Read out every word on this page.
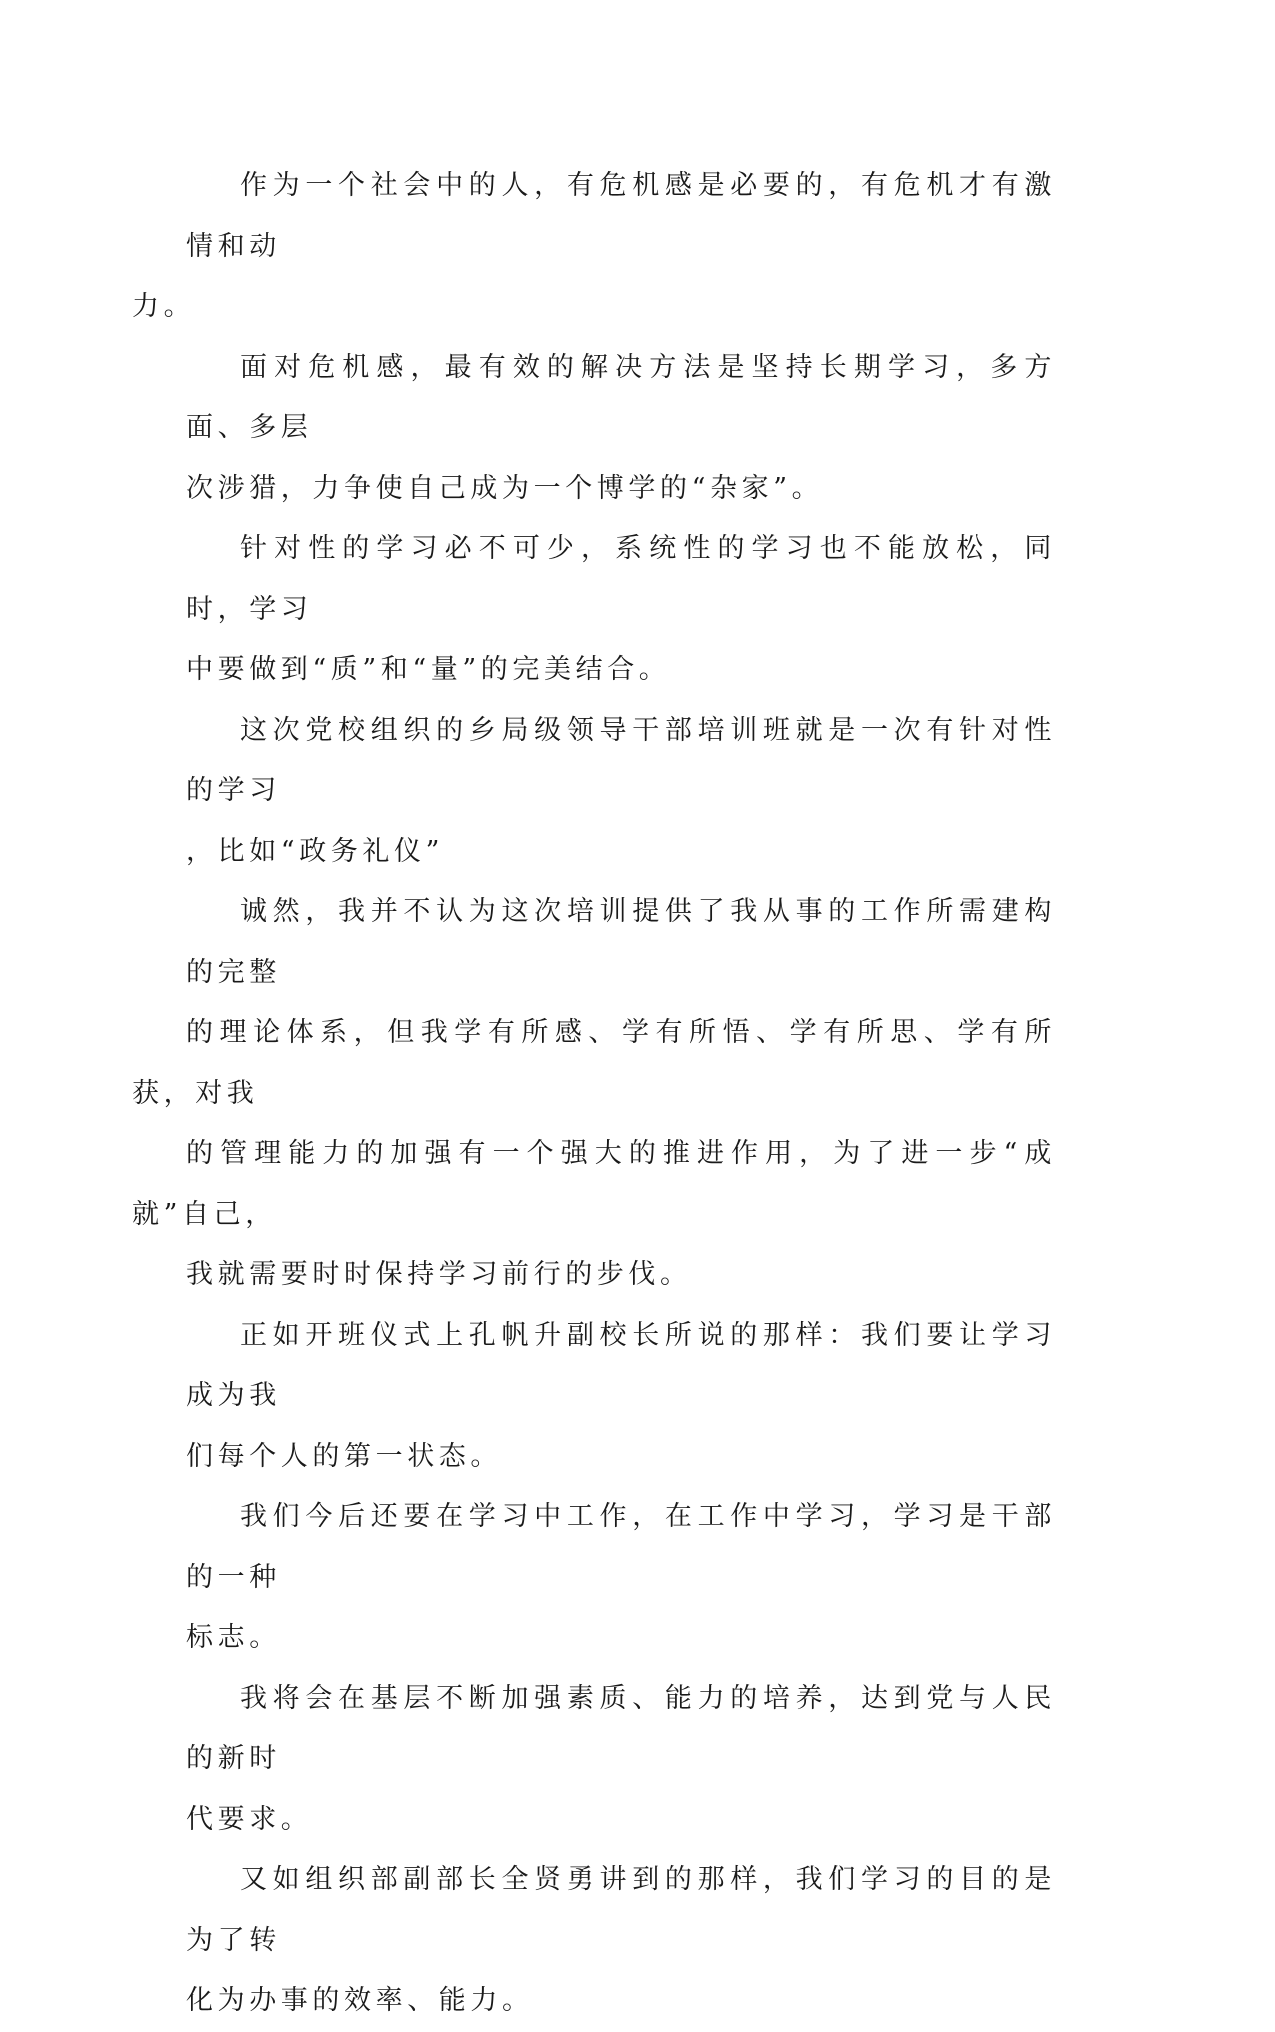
作为一个社会中的人，有危机感是必要的，有危机才有激情和动
力。

面对危机感，最有效的解决方法是坚持长期学习，多方面、多层
次涉猎，力争使自己成为一个博学的“杂家”。

针对性的学习必不可少，系统性的学习也不能放松，同时，学习
中要做到“质”和“量”的完美结合。

这次党校组织的乡局级领导干部培训班就是一次有针对性的学习
，比如“政务礼仪”

诚然，我并不认为这次培训提供了我从事的工作所需建构的完整
的理论体系，但我学有所感、学有所悟、学有所思、学有所获，对我
的管理能力的加强有一个强大的推进作用，为了进一步“成就”自己，
我就需要时时保持学习前行的步伐。

正如开班仪式上孔帆升副校长所说的那样：我们要让学习成为我
们每个人的第一状态。

我们今后还要在学习中工作，在工作中学习，学习是干部的一种
标志。

我将会在基层不断加强素质、能力的培养，达到党与人民的新时
代要求。

又如组织部副部长全贤勇讲到的那样，我们学习的目的是为了转
化为办事的效率、能力。
